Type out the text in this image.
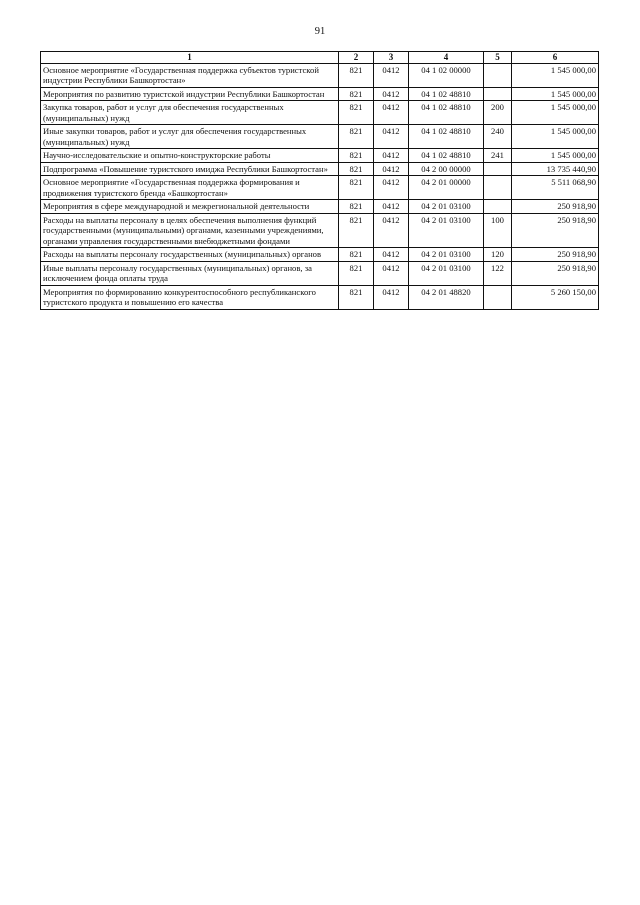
91
1	2	3	4	5	6
Основное мероприятие «Государственная поддержка субъектов туристской индустрии Республики Башкортостан»	821	0412	04 1 02 00000		1 545 000,00
Мероприятия по развитию туристской индустрии Республики Башкортостан	821	0412	04 1 02 48810		1 545 000,00
Закупка товаров, работ и услуг для обеспечения государственных (муниципальных) нужд	821	0412	04 1 02 48810	200	1 545 000,00
Иные закупки товаров, работ и услуг для обеспечения государственных (муниципальных) нужд	821	0412	04 1 02 48810	240	1 545 000,00
Научно-исследовательские и опытно-конструкторские работы	821	0412	04 1 02 48810	241	1 545 000,00
Подпрограмма «Повышение туристского имиджа Республики Башкортостан»	821	0412	04 2 00 00000		13 735 440,90
Основное мероприятие «Государственная поддержка формирования и продвижения туристского бренда «Башкортостан»	821	0412	04 2 01 00000		5 511 068,90
Мероприятия в сфере международной и межрегиональной деятельности	821	0412	04 2 01 03100		250 918,90
Расходы на выплаты персоналу в целях обеспечения выполнения функций государственными (муниципальными) органами, казенными учреждениями, органами управления государственными внебюджетными фондами	821	0412	04 2 01 03100	100	250 918,90
Расходы на выплаты персоналу государственных (муниципальных) органов	821	0412	04 2 01 03100	120	250 918,90
Иные выплаты персоналу государственных (муниципальных) органов, за исключением фонда оплаты труда	821	0412	04 2 01 03100	122	250 918,90
Мероприятия по формированию конкурентоспособного республиканского туристского продукта и повышению его качества	821	0412	04 2 01 48820		5 260 150,00
